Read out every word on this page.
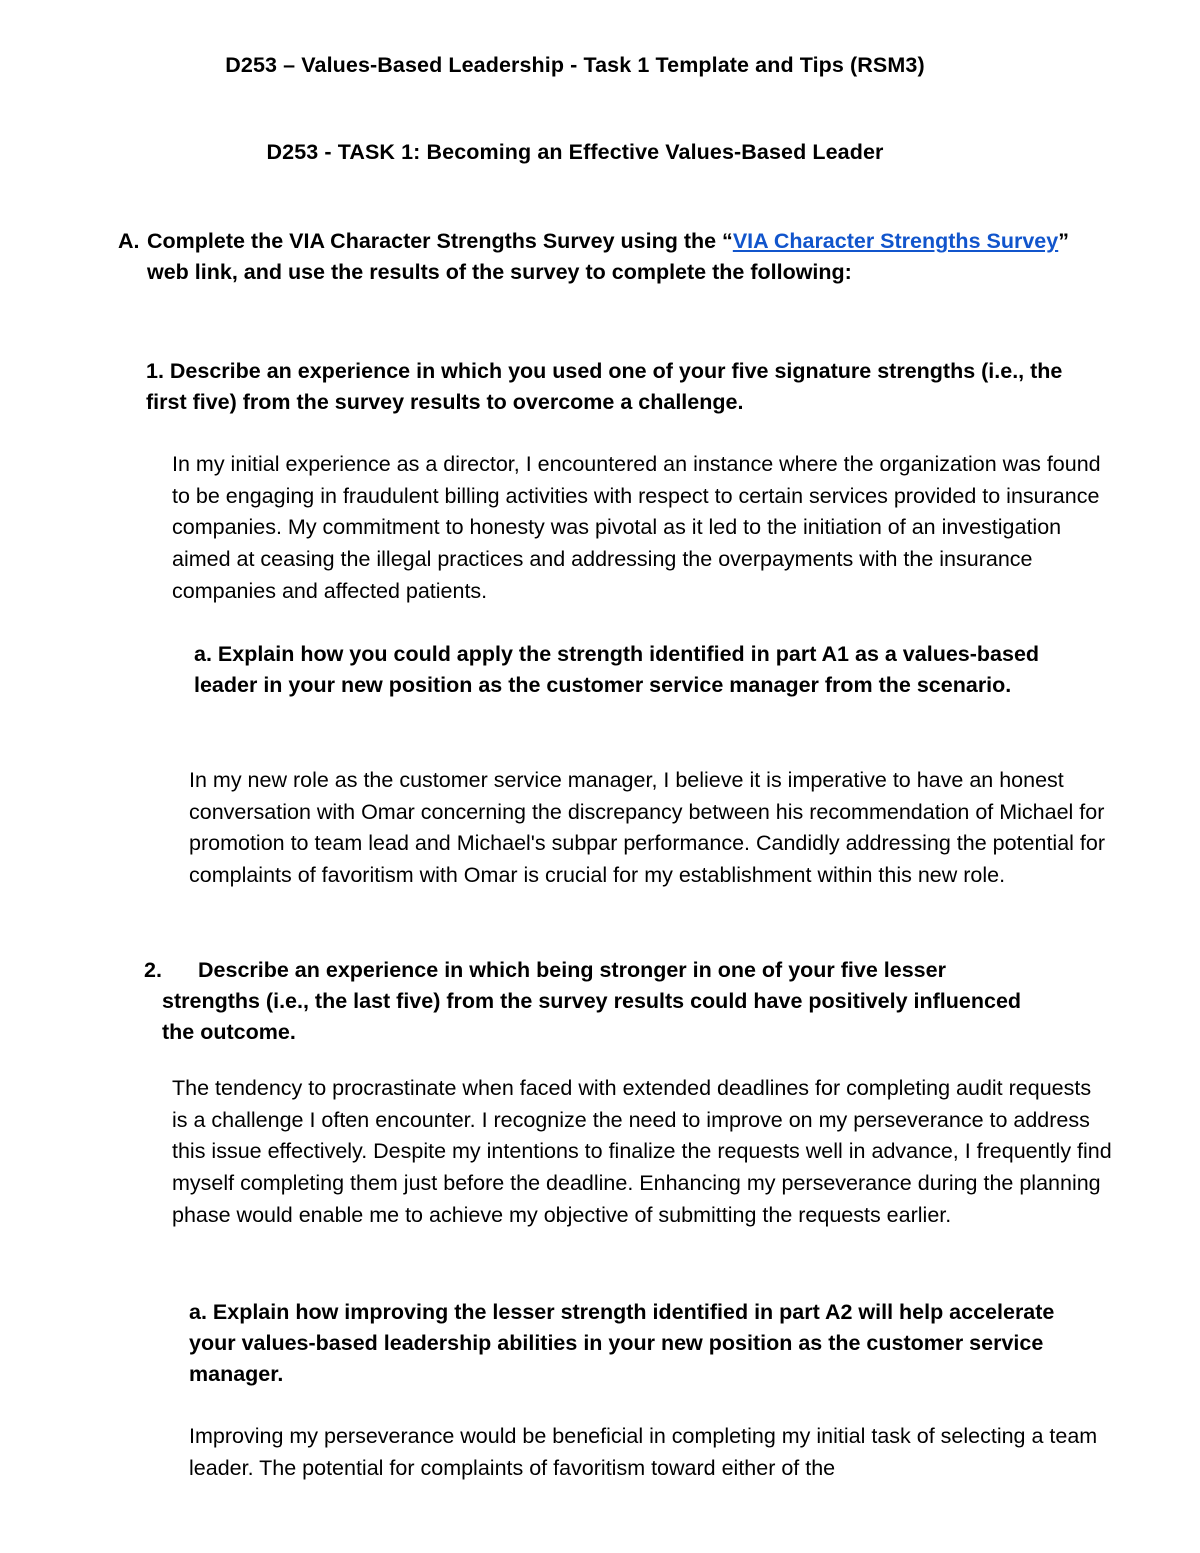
D253 – Values-Based Leadership - Task 1 Template and Tips (RSM3)
D253 - TASK 1: Becoming an Effective Values-Based Leader
A. Complete the VIA Character Strengths Survey using the “VIA Character Strengths Survey” web link, and use the results of the survey to complete the following:

1. Describe an experience in which you used one of your five signature strengths (i.e., the first five) from the survey results to overcome a challenge.

In my initial experience as a director, I encountered an instance where the organization was found to be engaging in fraudulent billing activities with respect to certain services provided to insurance companies. My commitment to honesty was pivotal as it led to the initiation of an investigation aimed at ceasing the illegal practices and addressing the overpayments with the insurance companies and affected patients.

a. Explain how you could apply the strength identified in part A1 as a values-based leader in your new position as the customer service manager from the scenario.

In my new role as the customer service manager, I believe it is imperative to have an honest conversation with Omar concerning the discrepancy between his recommendation of Michael for promotion to team lead and Michael's subpar performance. Candidly addressing the potential for complaints of favoritism with Omar is crucial for my establishment within this new role.

2.	Describe an experience in which being stronger in one of your five lesser strengths (i.e., the last five) from the survey results could have positively influenced the outcome.

The tendency to procrastinate when faced with extended deadlines for completing audit requests is a challenge I often encounter. I recognize the need to improve on my perseverance to address this issue effectively. Despite my intentions to finalize the requests well in advance, I frequently find myself completing them just before the deadline. Enhancing my perseverance during the planning phase would enable me to achieve my objective of submitting the requests earlier.

a. Explain how improving the lesser strength identified in part A2 will help accelerate your values-based leadership abilities in your new position as the customer service manager.

Improving my perseverance would be beneficial in completing my initial task of selecting a team leader. The potential for complaints of favoritism toward either of the
